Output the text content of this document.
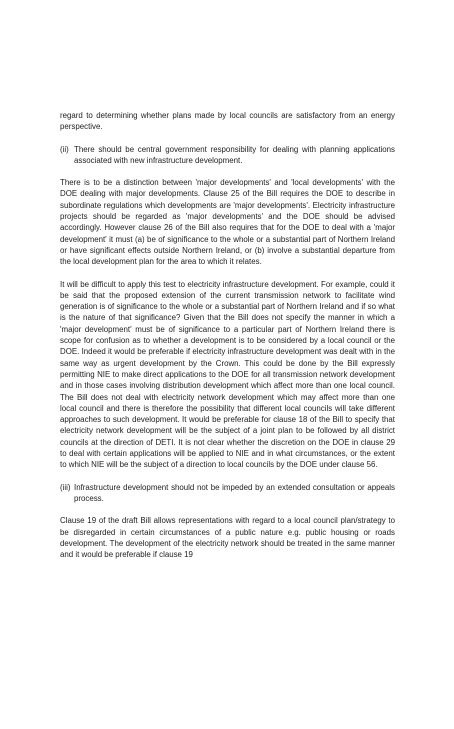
regard to determining whether plans made by local councils are satisfactory from an energy perspective.

(ii) There should be central government responsibility for dealing with planning applications associated with new infrastructure development.

There is to be a distinction between 'major developments' and 'local developments' with the DOE dealing with major developments. Clause 25 of the Bill requires the DOE to describe in subordinate regulations which developments are 'major developments'. Electricity infrastructure projects should be regarded as 'major developments' and the DOE should be advised accordingly. However clause 26 of the Bill also requires that for the DOE to deal with a 'major development' it must (a) be of significance to the whole or a substantial part of Northern Ireland or have significant effects outside Northern Ireland, or (b) involve a substantial departure from the local development plan for the area to which it relates.

It will be difficult to apply this test to electricity infrastructure development. For example, could it be said that the proposed extension of the current transmission network to facilitate wind generation is of significance to the whole or a substantial part of Northern Ireland and if so what is the nature of that significance? Given that the Bill does not specify the manner in which a 'major development' must be of significance to a particular part of Northern Ireland there is scope for confusion as to whether a development is to be considered by a local council or the DOE. Indeed it would be preferable if electricity infrastructure development was dealt with in the same way as urgent development by the Crown. This could be done by the Bill expressly permitting NIE to make direct applications to the DOE for all transmission network development and in those cases involving distribution development which affect more than one local council. The Bill does not deal with electricity network development which may affect more than one local council and there is therefore the possibility that different local councils will take different approaches to such development. It would be preferable for clause 18 of the Bill to specify that electricity network development will be the subject of a joint plan to be followed by all district councils at the direction of DETI. It is not clear whether the discretion on the DOE in clause 29 to deal with certain applications will be applied to NIE and in what circumstances, or the extent to which NIE will be the subject of a direction to local councils by the DOE under clause 56.

(iii) Infrastructure development should not be impeded by an extended consultation or appeals process.

Clause 19 of the draft Bill allows representations with regard to a local council plan/strategy to be disregarded in certain circumstances of a public nature e.g. public housing or roads development. The development of the electricity network should be treated in the same manner and it would be preferable if clause 19
